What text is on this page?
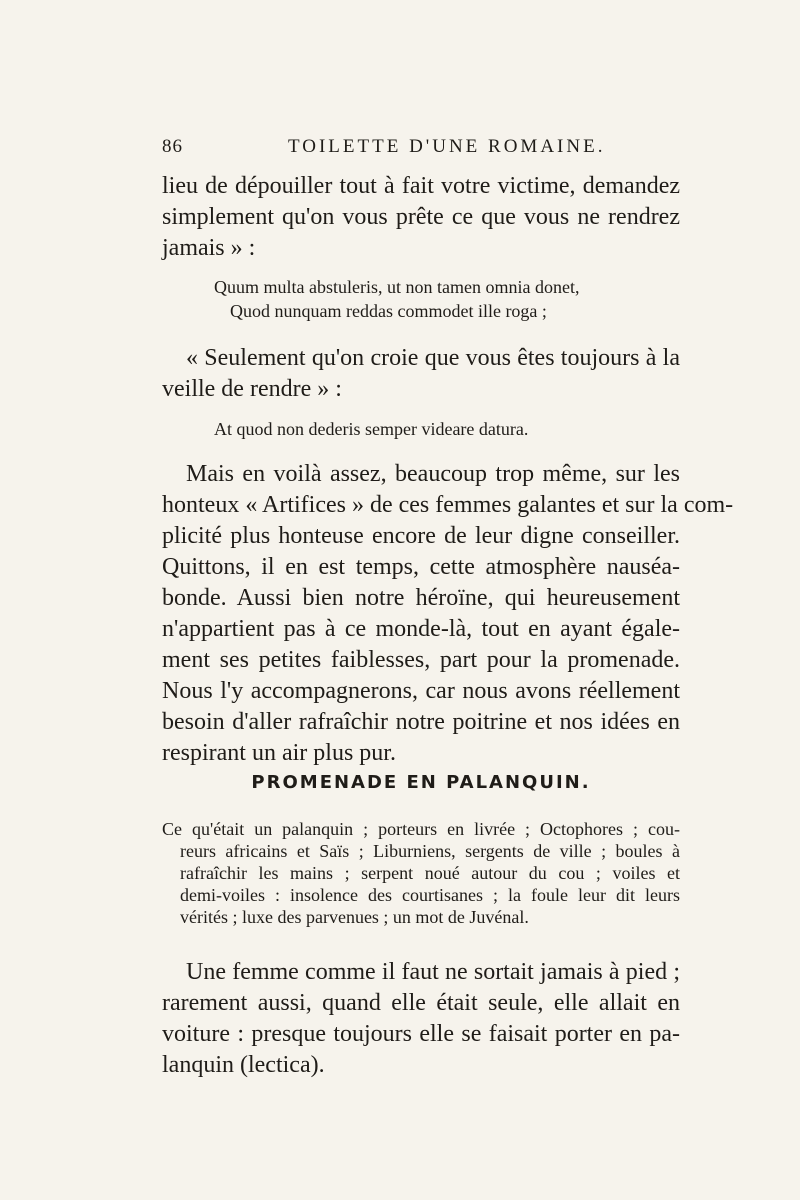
86	TOILETTE D'UNE ROMAINE.
lieu de dépouiller tout à fait votre victime, demandez
simplement qu'on vous prête ce que vous ne rendrez
jamais » :
Quum multa abstuleris, ut non tamen omnia donet,
Quod nunquam reddas commodet ille roga ;
« Seulement qu'on croie que vous êtes toujours à la
veille de rendre » :
At quod non dederis semper videare datura.
Mais en voilà assez, beaucoup trop même, sur les
honteux « Artifices » de ces femmes galantes et sur la com-
plicité plus honteuse encore de leur digne conseiller.
Quittons, il en est temps, cette atmosphère nauséa-
bonde. Aussi bien notre héroïne, qui heureusement
n'appartient pas à ce monde-là, tout en ayant égale-
ment ses petites faiblesses, part pour la promenade.
Nous l'y accompagnerons, car nous avons réellement
besoin d'aller rafraîchir notre poitrine et nos idées en
respirant un air plus pur.
PROMENADE EN PALANQUIN.
Ce qu'était un palanquin ; porteurs en livrée ; Octophores ; cou-
reurs africains et Saïs ; Liburniens, sergents de ville ; boules à
rafraîchir les mains ; serpent noué autour du cou ; voiles et
demi-voiles : insolence des courtisanes ; la foule leur dit leurs
vérités ; luxe des parvenues ; un mot de Juvénal.
Une femme comme il faut ne sortait jamais à pied ;
rarement aussi, quand elle était seule, elle allait en
voiture : presque toujours elle se faisait porter en pa-
lanquin (lectica).
